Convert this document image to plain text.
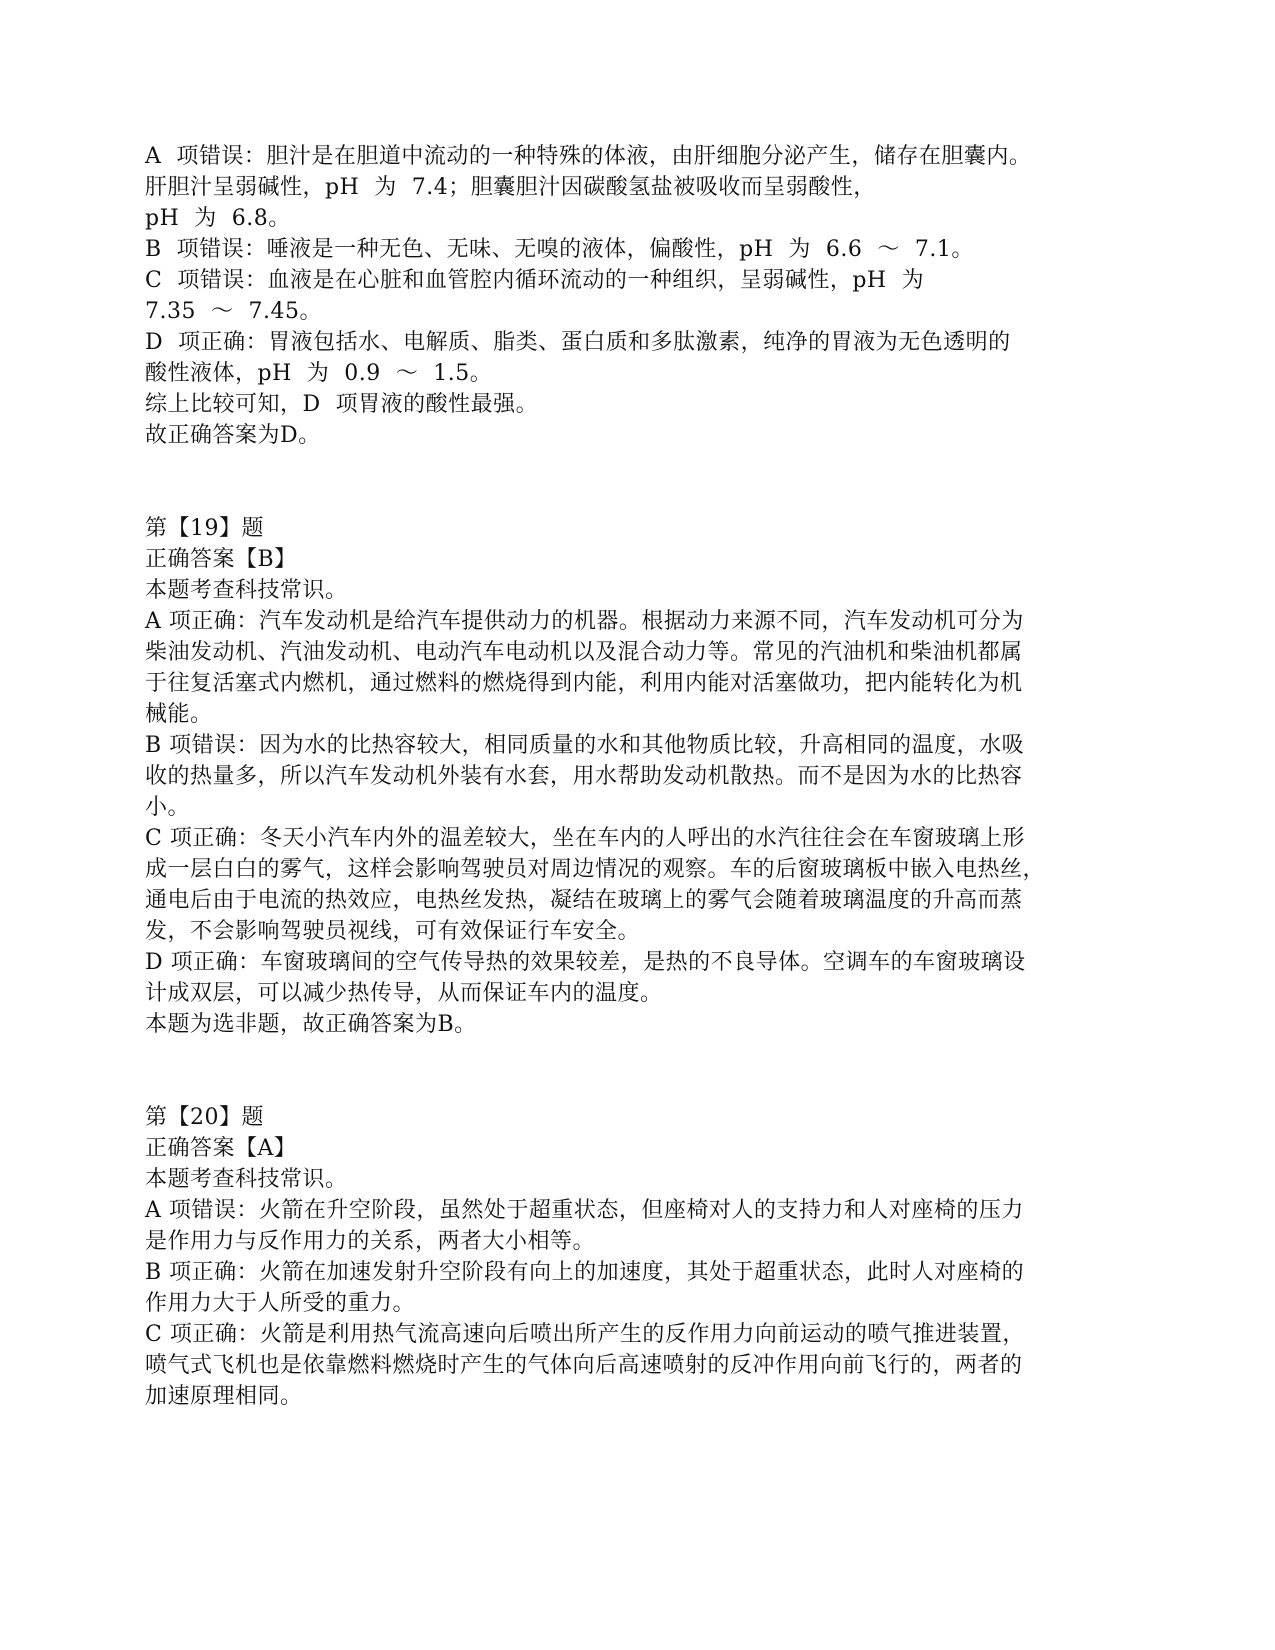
A  项错误：胆汁是在胆道中流动的一种特殊的体液，由肝细胞分泌产生，储存在胆囊内。
肝胆汁呈弱碱性，pH  为  7.4；胆囊胆汁因碳酸氢盐被吸收而呈弱酸性，
pH  为  6.8。
B  项错误：唾液是一种无色、无味、无嗅的液体，偏酸性，pH  为  6.6  ～  7.1。
C  项错误：血液是在心脏和血管腔内循环流动的一种组织，呈弱碱性，pH  为
7.35  ～  7.45。
D  项正确：胃液包括水、电解质、脂类、蛋白质和多肽激素，纯净的胃液为无色透明的
酸性液体，pH  为  0.9  ～  1.5。
综上比较可知，D  项胃液的酸性最强。
故正确答案为D。
第【19】题
正确答案【B】
本题考查科技常识。
A 项正确：汽车发动机是给汽车提供动力的机器。根据动力来源不同，汽车发动机可分为
柴油发动机、汽油发动机、电动汽车电动机以及混合动力等。常见的汽油机和柴油机都属
于往复活塞式内燃机，通过燃料的燃烧得到内能，利用内能对活塞做功，把内能转化为机
械能。
B 项错误：因为水的比热容较大，相同质量的水和其他物质比较，升高相同的温度，水吸
收的热量多，所以汽车发动机外装有水套，用水帮助发动机散热。而不是因为水的比热容
小。
C 项正确：冬天小汽车内外的温差较大，坐在车内的人呼出的水汽往往会在车窗玻璃上形
成一层白白的雾气，这样会影响驾驶员对周边情况的观察。车的后窗玻璃板中嵌入电热丝，
通电后由于电流的热效应，电热丝发热，凝结在玻璃上的雾气会随着玻璃温度的升高而蒸
发，不会影响驾驶员视线，可有效保证行车安全。
D 项正确：车窗玻璃间的空气传导热的效果较差，是热的不良导体。空调车的车窗玻璃设
计成双层，可以减少热传导，从而保证车内的温度。
本题为选非题，故正确答案为B。
第【20】题
正确答案【A】
本题考查科技常识。
A 项错误：火箭在升空阶段，虽然处于超重状态，但座椅对人的支持力和人对座椅的压力
是作用力与反作用力的关系，两者大小相等。
B 项正确：火箭在加速发射升空阶段有向上的加速度，其处于超重状态，此时人对座椅的
作用力大于人所受的重力。
C 项正确：火箭是利用热气流高速向后喷出所产生的反作用力向前运动的喷气推进装置，
喷气式飞机也是依靠燃料燃烧时产生的气体向后高速喷射的反冲作用向前飞行的，两者的
加速原理相同。
